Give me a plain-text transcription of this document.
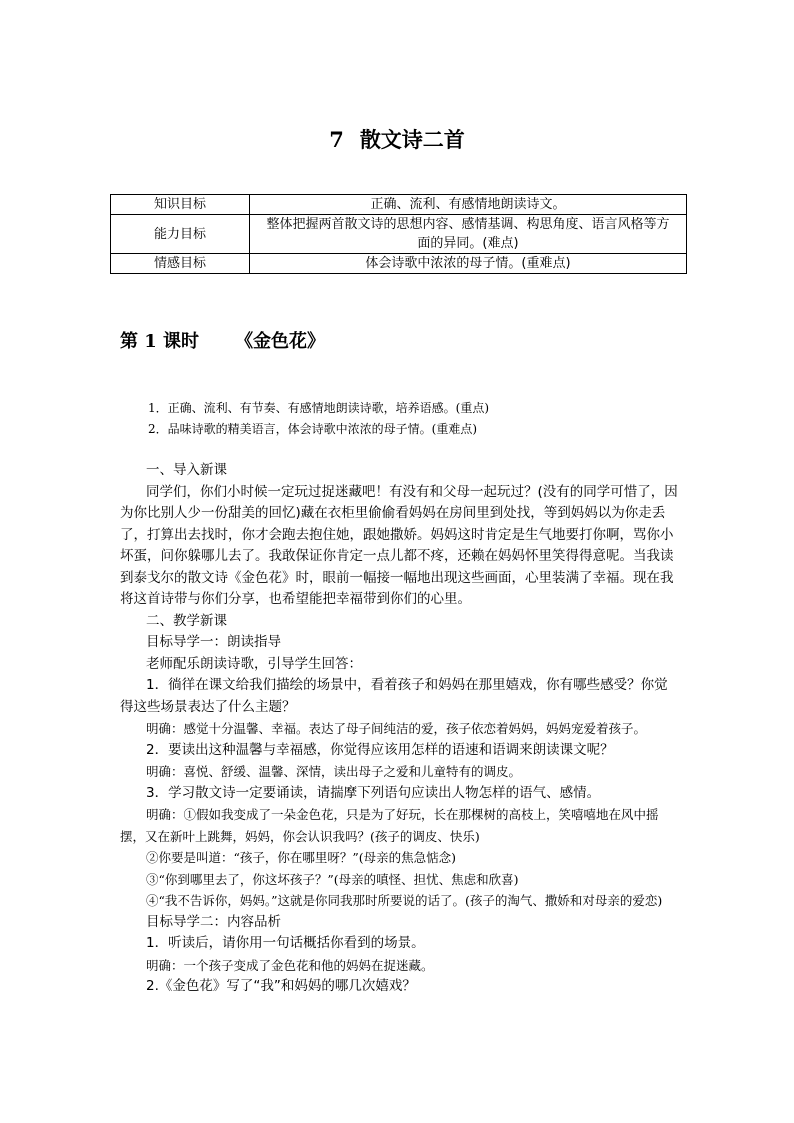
7 散文诗二首
知识目标	正确、流利、有感情地朗读诗文。
能力目标	整体把握两首散文诗的思想内容、感情基调、构思角度、语言风格等方面的异同。(难点)
情感目标	体会诗歌中浓浓的母子情。(重难点)
第 1 课时 《金色花》

1．正确、流利、有节奏、有感情地朗读诗歌，培养语感。(重点)

2．品味诗歌的精美语言，体会诗歌中浓浓的母子情。(重难点)

一、导入新课

同学们，你们小时候一定玩过捉迷藏吧！有没有和父母一起玩过？(没有的同学可惜了，因为你比别人少一份甜美的回忆)藏在衣柜里偷偷看妈妈在房间里到处找，等到妈妈以为你走丢了，打算出去找时，你才会跑去抱住她，跟她撒娇。妈妈这时肯定是生气地要打你啊，骂你小坏蛋，问你躲哪儿去了。我敢保证你肯定一点儿都不疼，还赖在妈妈怀里笑得得意呢。当我读到泰戈尔的散文诗《金色花》时，眼前一幅接一幅地出现这些画面，心里装满了幸福。现在我将这首诗带与你们分享，也希望能把幸福带到你们的心里。

二、教学新课

目标导学一：朗读指导

老师配乐朗读诗歌，引导学生回答：

1．徜徉在课文给我们描绘的场景中，看着孩子和妈妈在那里嬉戏，你有哪些感受？你觉得这些场景表达了什么主题？

明确：感觉十分温馨、幸福。表达了母子间纯洁的爱，孩子依恋着妈妈，妈妈宠爱着孩子。

2．要读出这种温馨与幸福感，你觉得应该用怎样的语速和语调来朗读课文呢？

明确：喜悦、舒缓、温馨、深情，读出母子之爱和儿童特有的调皮。

3．学习散文诗一定要诵读，请揣摩下列语句应读出人物怎样的语气、感情。

明确：①假如我变成了一朵金色花，只是为了好玩，长在那棵树的高枝上，笑嘻嘻地在风中摇摆，又在新叶上跳舞，妈妈，你会认识我吗？(孩子的调皮、快乐)

②你要是叫道：“孩子，你在哪里呀？”(母亲的焦急惦念)

③“你到哪里去了，你这坏孩子？”(母亲的嗔怪、担忧、焦虑和欣喜)

④“我不告诉你，妈妈。”这就是你同我那时所要说的话了。(孩子的淘气、撒娇和对母亲的爱恋)

目标导学二：内容品析

1．听读后，请你用一句话概括你看到的场景。

明确：一个孩子变成了金色花和他的妈妈在捉迷藏。

2.《金色花》写了“我”和妈妈的哪几次嬉戏？
